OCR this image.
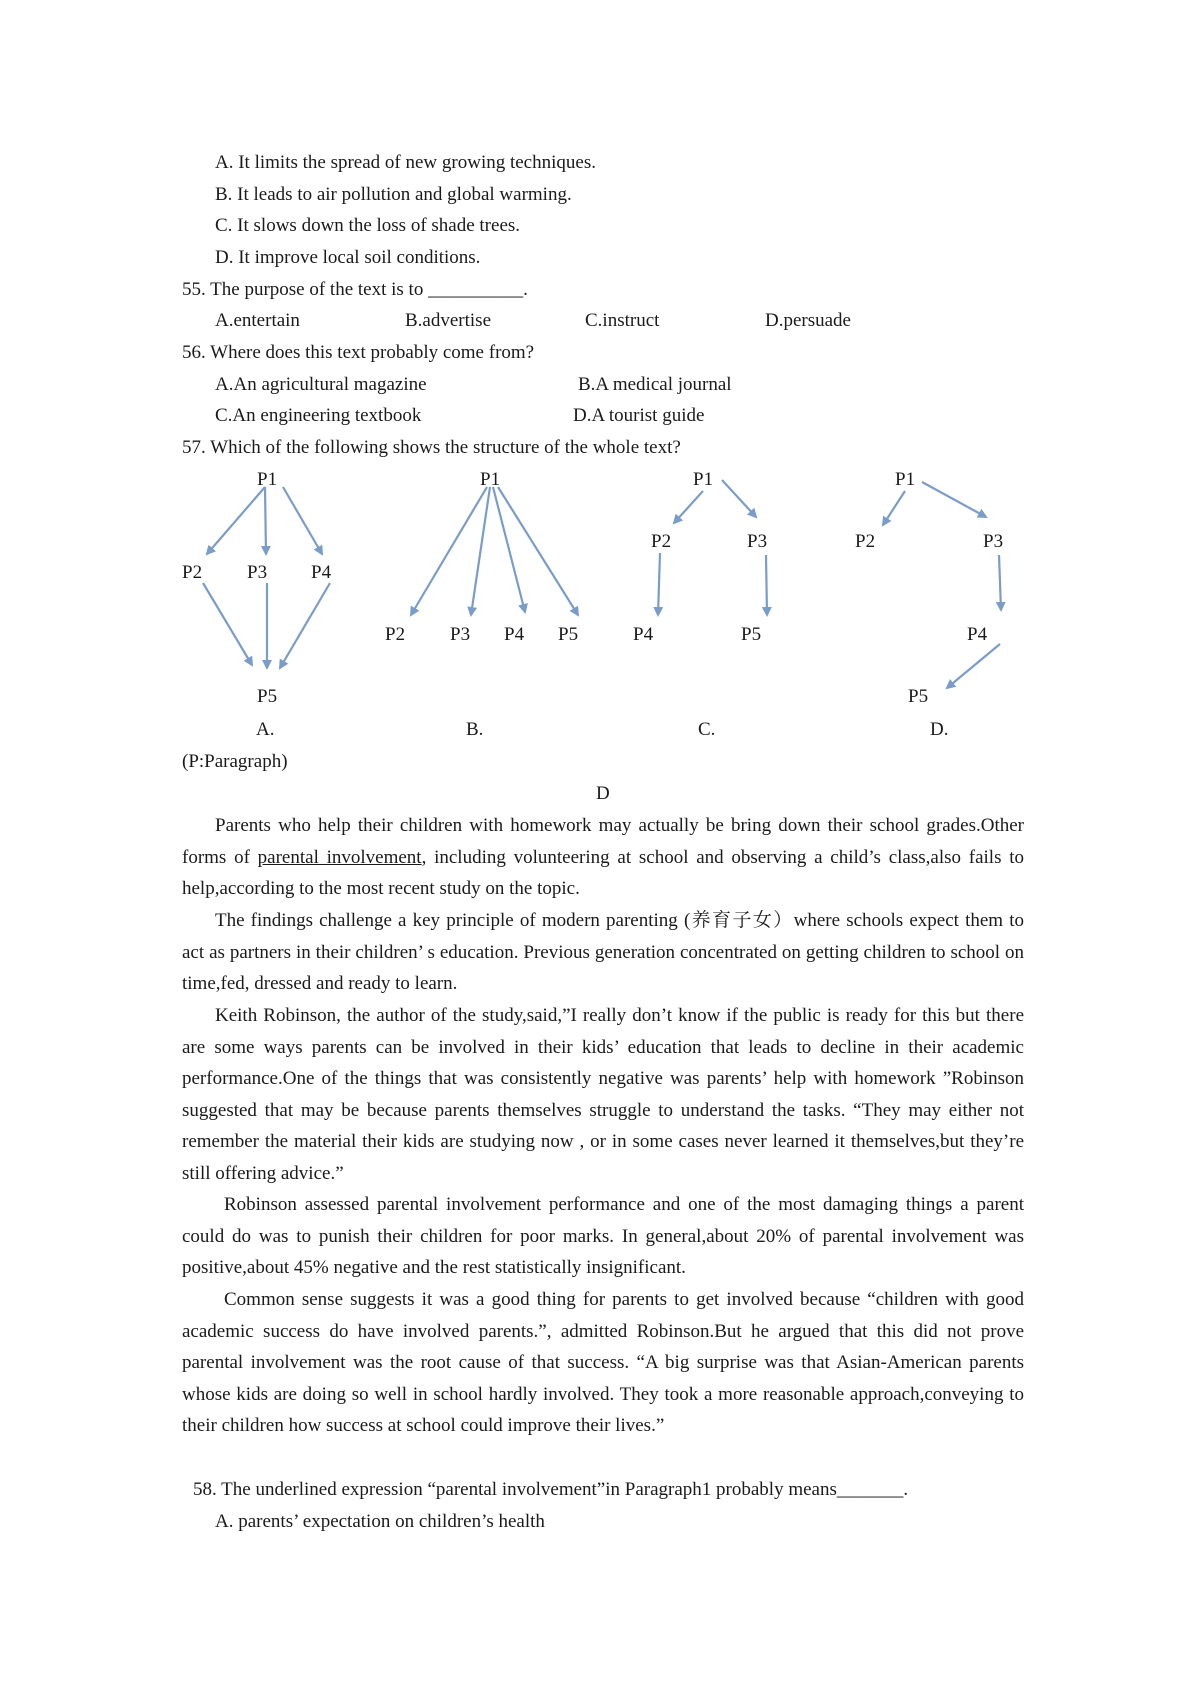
A. It limits the spread of new growing techniques.
B. It leads to air pollution and global warming.
C. It slows down the loss of shade trees.
D. It improve local soil conditions.
55. The purpose of the text is to __________.
A.entertain	B.advertise	C.instruct	D.persuade
56. Where does this text probably come from?
A.An agricultural magazine	B.A medical journal
C.An engineering textbook	D.A tourist guide
57. Which of the following shows the structure of the whole text?
P1
P2 P3 P4
P5
P1
P2 P3 P4 P5
P1
P2	P3
P4	P5
P1
P2	P3
P4
P5
A.	B.	C.	D.
(P:Paragraph)
D

Parents who help their children with homework may actually be bring down their school grades.Other forms of parental involvement, including volunteering at school and observing a child’s class,also fails to help,according to the most recent study on the topic.

The findings challenge a key principle of modern parenting (养育子女）where schools expect them to act as partners in their children’ s education. Previous generation concentrated on getting children to school on time,fed, dressed and ready to learn.

Keith Robinson, the author of the study,said,”I really don’t know if the public is ready for this but there are some ways parents can be involved in their kids’ education that leads to decline in their academic performance.One of the things that was consistently negative was parents’ help with homework ”Robinson suggested that may be because parents themselves struggle to understand the tasks. “They may either not remember the material their kids are studying now , or in some cases never learned it themselves,but they’re still offering advice.”

Robinson assessed parental involvement performance and one of the most damaging things a parent could do was to punish their children for poor marks. In general,about 20% of parental involvement was positive,about 45% negative and the rest statistically insignificant.

Common sense suggests it was a good thing for parents to get involved because “children with good academic success do have involved parents.”, admitted Robinson.But he argued that this did not prove parental involvement was the root cause of that success. “A big surprise was that Asian-American parents whose kids are doing so well in school hardly involved. They took a more reasonable approach,conveying to their children how success at school could improve their lives.”

58. The underlined expression “parental involvement”in Paragraph1 probably means_______.
A. parents’ expectation on children’s health
